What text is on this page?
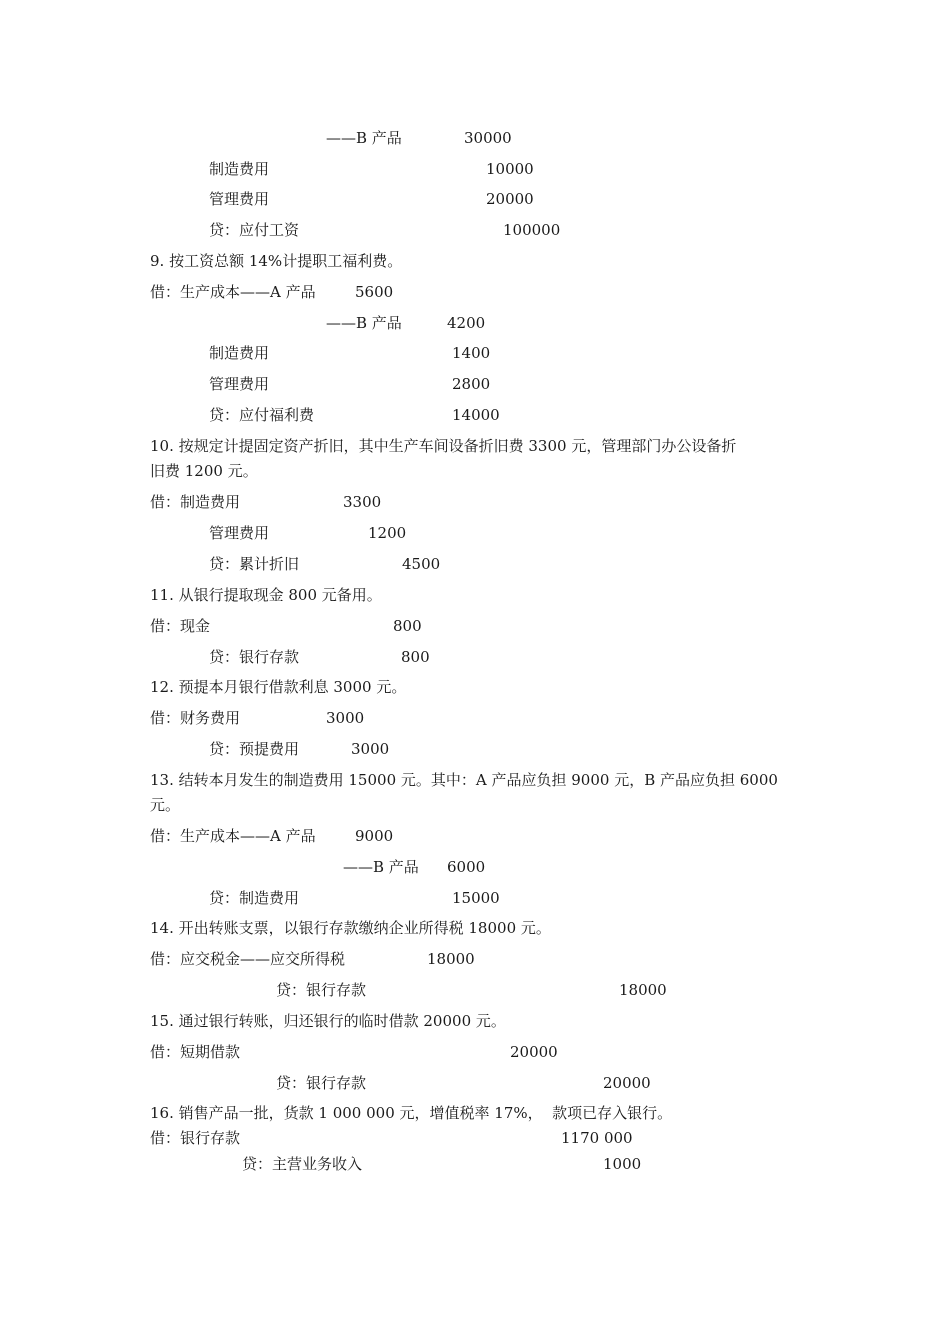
——B 产品	30000
制造费用	10000
管理费用	20000
贷：应付工资	100000
9. 按工资总额 14%计提职工福利费。
借：生产成本——A 产品	5600
——B 产品	4200
制造费用	1400
管理费用	2800
贷：应付福利费	14000
10. 按规定计提固定资产折旧，其中生产车间设备折旧费 3300 元，管理部门办公设备折
旧费 1200 元。
借：制造费用	3300
管理费用	1200
贷：累计折旧	4500
11. 从银行提取现金 800 元备用。
借：现金	800
贷：银行存款	800
12. 预提本月银行借款利息 3000 元。
借：财务费用	3000
贷：预提费用	3000
13. 结转本月发生的制造费用 15000 元。其中：A 产品应负担 9000 元，B 产品应负担 6000
元。
借：生产成本——A 产品	9000
——B 产品 6000
贷：制造费用	15000
14. 开出转账支票，以银行存款缴纳企业所得税 18000 元。
借：应交税金——应交所得税	18000
贷：银行存款	18000
15. 通过银行转账，归还银行的临时借款 20000 元。
借：短期借款	20000
贷：银行存款	20000
16. 销售产品一批，货款 1 000 000 元，增值税率 17%，  款项已存入银行。
借：银行存款	1170 000
贷：主营业务收入	1000
